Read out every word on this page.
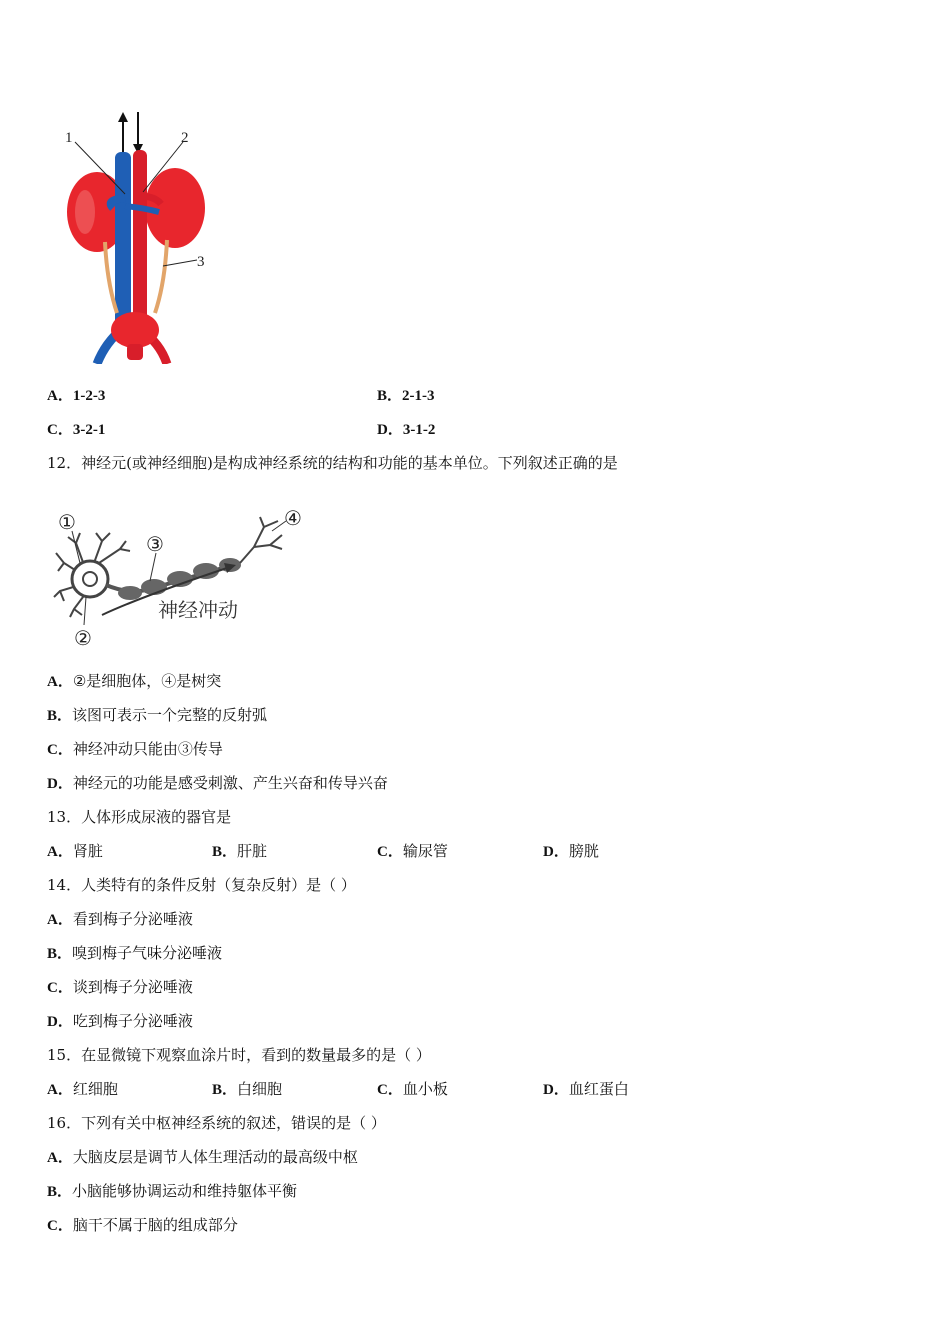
1	2
3
A．1-2-3	B．2-1-3
C．3-2-1	D．3-1-2
12．神经元(或神经细胞)是构成神经系统的结构和功能的基本单位。下列叙述正确的是
①
②
③
④
神经冲动
A．②是细胞体，④是树突
B．该图可表示一个完整的反射弧
C．神经冲动只能由③传导
D．神经元的功能是感受刺激、产生兴奋和传导兴奋
13．人体形成尿液的器官是
A．肾脏	B．肝脏	C．输尿管	D．膀胱
14．人类特有的条件反射（复杂反射）是（ ）
A．看到梅子分泌唾液
B．嗅到梅子气味分泌唾液
C．谈到梅子分泌唾液
D．吃到梅子分泌唾液
15．在显微镜下观察血涂片时，看到的数量最多的是（ ）
A．红细胞	B．白细胞	C．血小板	D．血红蛋白
16．下列有关中枢神经系统的叙述，错误的是（ ）
A．大脑皮层是调节人体生理活动的最高级中枢
B．小脑能够协调运动和维持躯体平衡
C．脑干不属于脑的组成部分
